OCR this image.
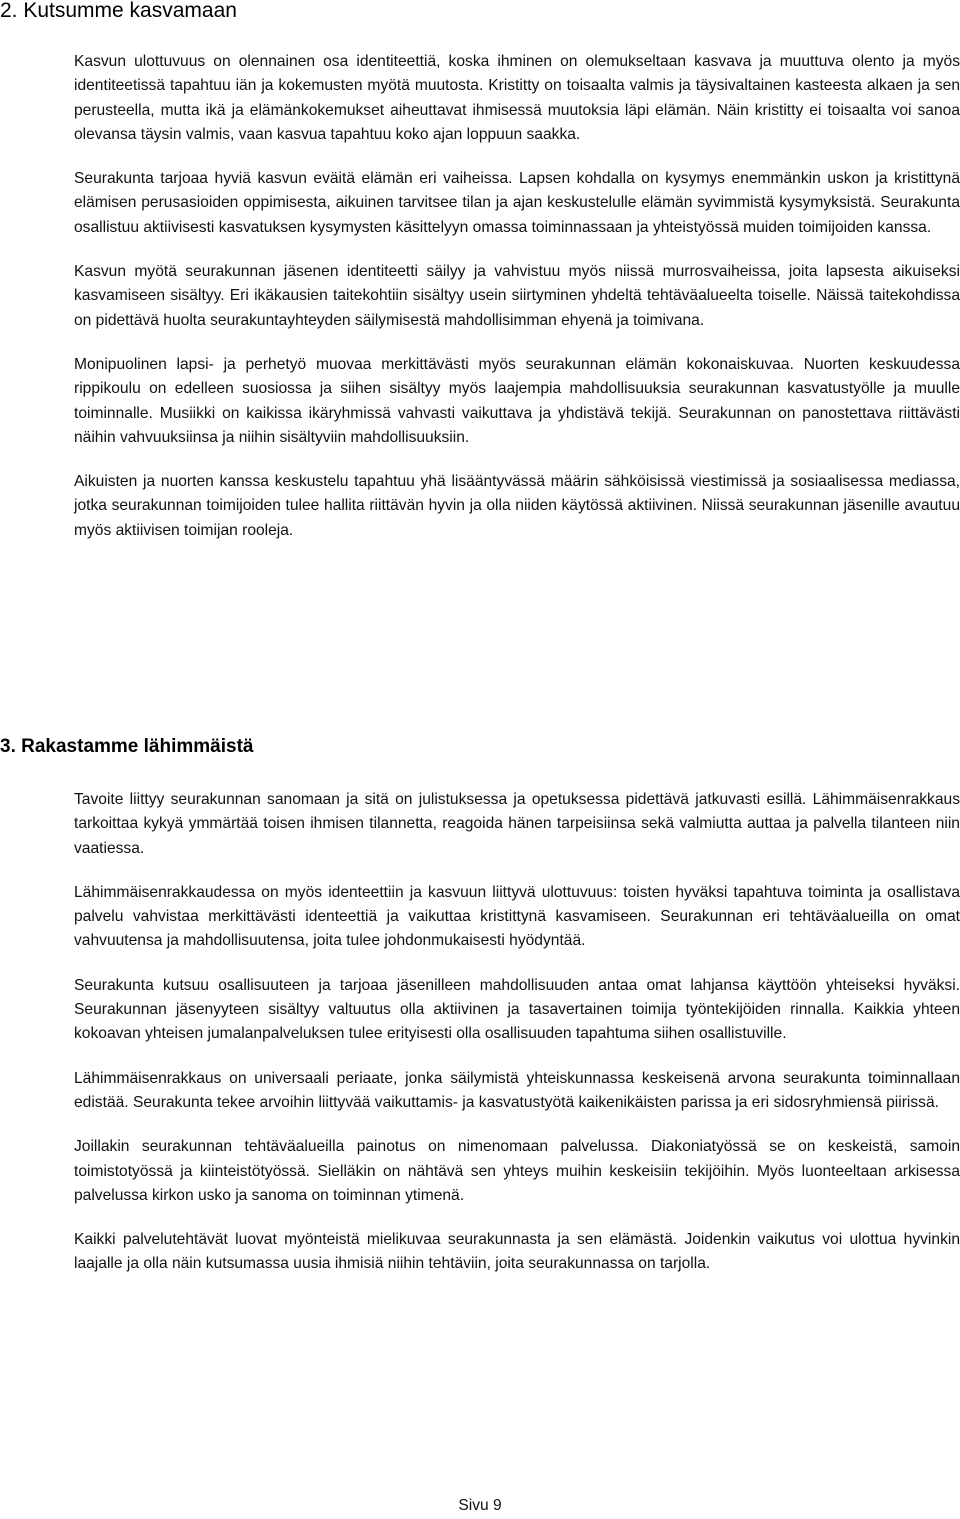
2. Kutsumme kasvamaan

Kasvun ulottuvuus on olennainen osa identiteettiä, koska ihminen on olemukseltaan kasvava ja muuttuva olento ja myös identiteetissä tapahtuu iän ja kokemusten myötä muutosta. Kristitty on toisaalta valmis ja täysivaltainen kasteesta alkaen ja sen perusteella, mutta ikä ja elämänkokemukset aiheuttavat ihmisessä muutoksia läpi elämän. Näin kristitty ei toisaalta voi sanoa olevansa täysin valmis, vaan kasvua tapahtuu koko ajan loppuun saakka.

Seurakunta tarjoaa hyviä kasvun eväitä elämän eri vaiheissa. Lapsen kohdalla on kysymys enemmänkin uskon ja kristittynä elämisen perusasioiden oppimisesta, aikuinen tarvitsee tilan ja ajan keskustelulle elämän syvimmistä kysymyksistä. Seurakunta osallistuu aktiivisesti kasvatuksen kysymysten käsittelyyn omassa toiminnassaan ja yhteistyössä muiden toimijoiden kanssa.

Kasvun myötä seurakunnan jäsenen identiteetti säilyy ja vahvistuu myös niissä murrosvaiheissa, joita lapsesta aikuiseksi kasvamiseen sisältyy. Eri ikäkausien taitekohtiin sisältyy usein siirtyminen yhdeltä tehtäväalueelta toiselle. Näissä taitekohdissa on pidettävä huolta seurakuntayhteyden säilymisestä mahdollisimman ehyenä ja toimivana.

Monipuolinen lapsi- ja perhetyö muovaa merkittävästi myös seurakunnan elämän kokonaiskuvaa. Nuorten keskuudessa rippikoulu on edelleen suosiossa ja siihen sisältyy myös laajempia mahdollisuuksia seurakunnan kasvatustyölle ja muulle toiminnalle. Musiikki on kaikissa ikäryhmissä vahvasti vaikuttava ja yhdistävä tekijä. Seurakunnan on panostettava riittävästi näihin vahvuuksiinsa ja niihin sisältyviin mahdollisuuksiin.

Aikuisten ja nuorten kanssa keskustelu tapahtuu yhä lisääntyvässä määrin sähköisissä viestimissä ja sosiaalisessa mediassa, jotka seurakunnan toimijoiden tulee hallita riittävän hyvin ja olla niiden käytössä aktiivinen. Niissä seurakunnan jäsenille avautuu myös aktiivisen toimijan rooleja.

3. Rakastamme lähimmäistä

Tavoite liittyy seurakunnan sanomaan ja sitä on julistuksessa ja opetuksessa pidettävä jatkuvasti esillä. Lähimmäisenrakkaus tarkoittaa kykyä ymmärtää toisen ihmisen tilannetta, reagoida hänen tarpeisiinsa sekä valmiutta auttaa ja palvella tilanteen niin vaatiessa.

Lähimmäisenrakkaudessa on myös identeettiin ja kasvuun liittyvä ulottuvuus: toisten hyväksi tapahtuva toiminta ja osallistava palvelu vahvistaa merkittävästi identeettiä ja vaikuttaa kristittynä kasvamiseen. Seurakunnan eri tehtäväalueilla on omat vahvuutensa ja mahdollisuutensa, joita tulee johdonmukaisesti hyödyntää.

Seurakunta kutsuu osallisuuteen ja tarjoaa jäsenilleen mahdollisuuden antaa omat lahjansa käyttöön yhteiseksi hyväksi. Seurakunnan jäsenyyteen sisältyy valtuutus olla aktiivinen ja tasavertainen toimija työntekijöiden rinnalla. Kaikkia yhteen kokoavan yhteisen jumalanpalveluksen tulee erityisesti olla osallisuuden tapahtuma siihen osallistuville.

Lähimmäisenrakkaus on universaali periaate, jonka säilymistä yhteiskunnassa keskeisenä arvona seurakunta toiminnallaan edistää. Seurakunta tekee arvoihin liittyvää vaikuttamis- ja kasvatustyötä kaikenikäisten parissa ja eri sidosryhmiensä piirissä.

Joillakin seurakunnan tehtäväalueilla painotus on nimenomaan palvelussa. Diakoniatyössä se on keskeistä, samoin toimistotyössä ja kiinteistötyössä. Sielläkin on nähtävä sen yhteys muihin keskeisiin tekijöihin. Myös luonteeltaan arkisessa palvelussa kirkon usko ja sanoma on toiminnan ytimenä.

Kaikki palvelutehtävät luovat myönteistä mielikuvaa seurakunnasta ja sen elämästä. Joidenkin vaikutus voi ulottua hyvinkin laajalle ja olla näin kutsumassa uusia ihmisiä niihin tehtäviin, joita seurakunnassa on tarjolla.

Sivu 9
